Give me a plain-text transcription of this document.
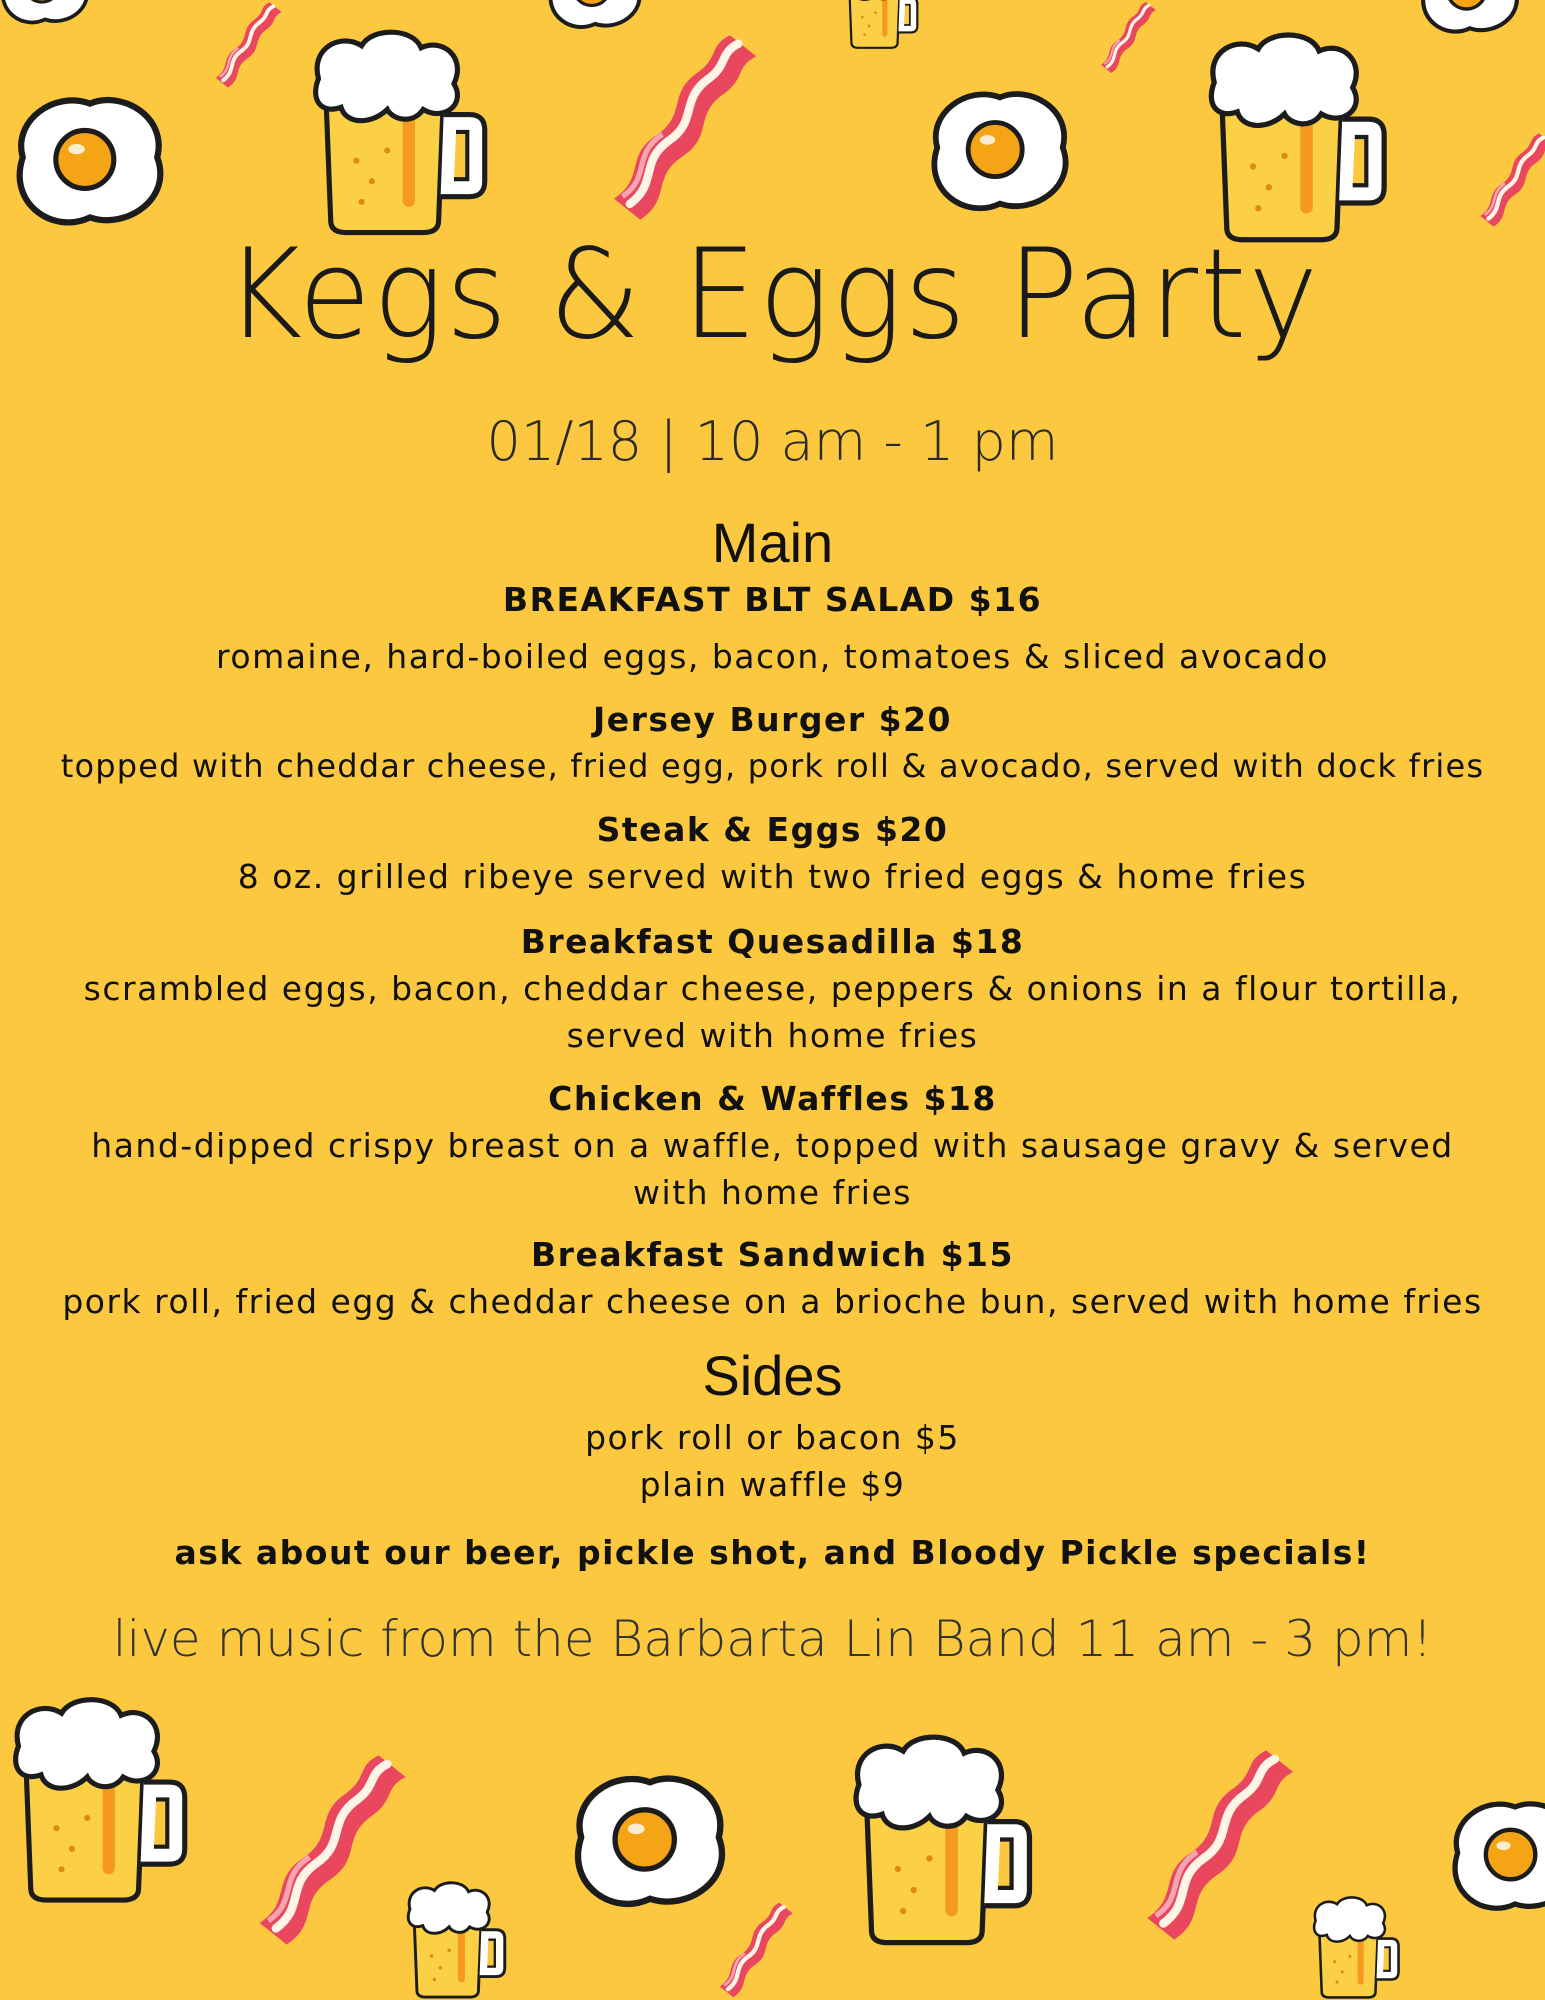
Kegs & Eggs Party
01/18 | 10 am - 1 pm
Main
BREAKFAST BLT SALAD $16
romaine, hard-boiled eggs, bacon, tomatoes & sliced avocado
Jersey Burger $20
topped with cheddar cheese, fried egg, pork roll & avocado, served with dock fries
Steak & Eggs $20
8 oz. grilled ribeye served with two fried eggs & home fries
Breakfast Quesadilla $18
scrambled eggs, bacon, cheddar cheese, peppers & onions in a flour tortilla,
served with home fries
Chicken & Waffles $18
hand-dipped crispy breast on a waffle, topped with sausage gravy & served
with home fries
Breakfast Sandwich $15
pork roll, fried egg & cheddar cheese on a brioche bun, served with home fries
Sides
pork roll or bacon $5
plain waffle $9
ask about our beer, pickle shot, and Bloody Pickle specials!
live music from the Barbarta Lin Band 11 am - 3 pm!
